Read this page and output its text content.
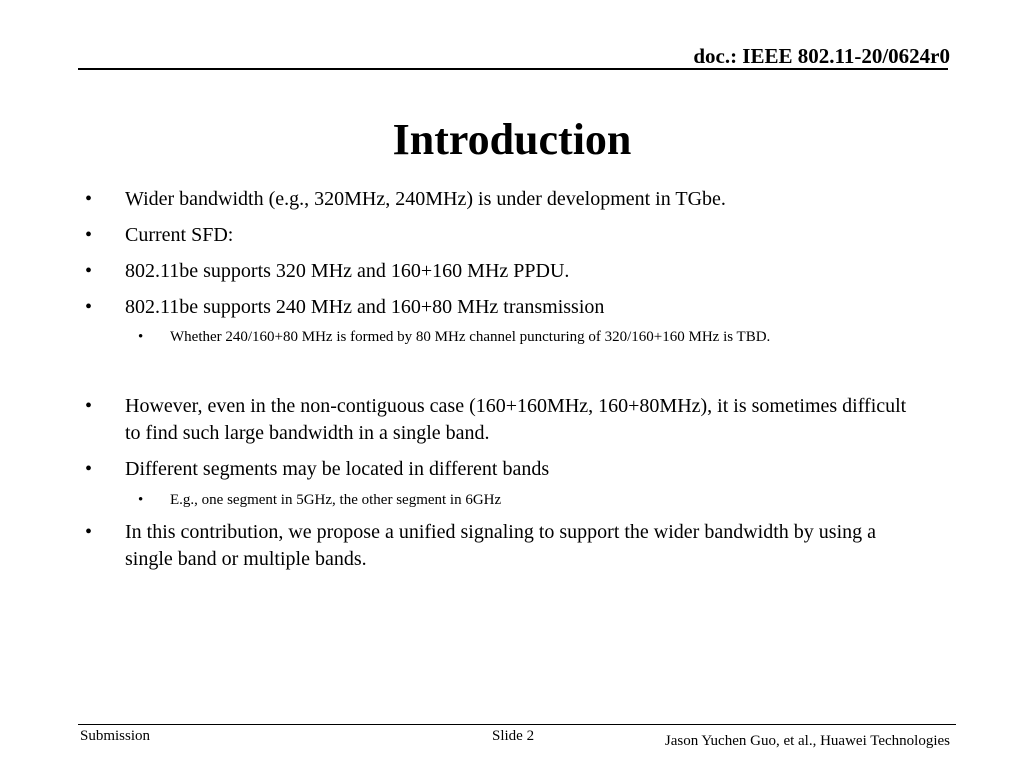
doc.: IEEE 802.11-20/0624r0
Introduction
•	Wider bandwidth (e.g., 320MHz, 240MHz) is under development in TGbe.
•	Current SFD:
•	802.11be supports 320 MHz and 160+160 MHz PPDU.
•	802.11be supports 240 MHz and 160+80 MHz transmission
• Whether 240/160+80 MHz is formed by 80 MHz channel puncturing of 320/160+160 MHz is TBD.
•	However, even in the non-contiguous case (160+160MHz, 160+80MHz), it is sometimes difficult to find such large bandwidth in a single band.
•	Different segments may be located in different bands
• E.g., one segment in 5GHz, the other segment in 6GHz
•	In this contribution, we propose a unified signaling to support the wider bandwidth by using a single band or multiple bands.
Submission	Slide 2	Jason Yuchen Guo, et al., Huawei Technologies
